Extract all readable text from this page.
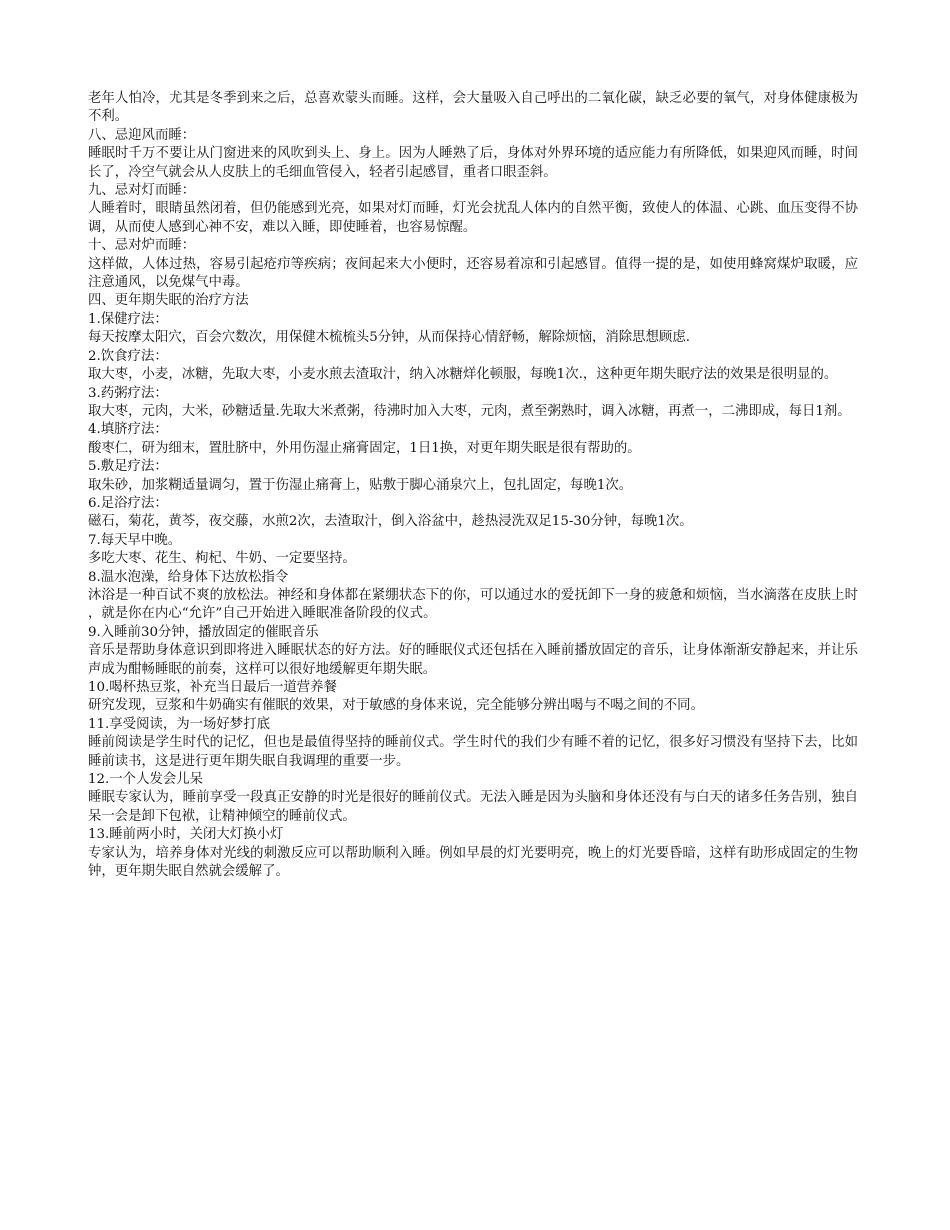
老年人怕冷，尤其是冬季到来之后，总喜欢蒙头而睡。这样，会大量吸入自己呼出的二氧化碳，缺乏必要的氧气，对身体健康极为不利。

八、忌迎风而睡：

睡眠时千万不要让从门窗进来的风吹到头上、身上。因为人睡熟了后，身体对外界环境的适应能力有所降低，如果迎风而睡，时间长了，冷空气就会从人皮肤上的毛细血管侵入，轻者引起感冒，重者口眼歪斜。

九、忌对灯而睡：

人睡着时，眼睛虽然闭着，但仍能感到光亮，如果对灯而睡，灯光会扰乱人体内的自然平衡，致使人的体温、心跳、血压变得不协调，从而使人感到心神不安，难以入睡，即使睡着，也容易惊醒。

十、忌对炉而睡：

这样做，人体过热，容易引起疮疖等疾病；夜间起来大小便时，还容易着凉和引起感冒。值得一提的是，如使用蜂窝煤炉取暖，应注意通风，以免煤气中毒。

四、更年期失眠的治疗方法

1.保健疗法：

每天按摩太阳穴，百会穴数次，用保健木梳梳头5分钟，从而保持心情舒畅，解除烦恼，消除思想顾虑.

2.饮食疗法：

取大枣，小麦，冰糖，先取大枣，小麦水煎去渣取汁，纳入冰糖烊化顿服，每晚1次.，这种更年期失眠疗法的效果是很明显的。

3.药粥疗法：

取大枣，元肉，大米，砂糖适量.先取大米煮粥，待沸时加入大枣，元肉，煮至粥熟时，调入冰糖，再煮一，二沸即成，每日1剂。

4.填脐疗法：

酸枣仁，研为细末，置肚脐中，外用伤湿止痛膏固定，1日1换，对更年期失眠是很有帮助的。

5.敷足疗法：

取朱砂，加浆糊适量调匀，置于伤湿止痛膏上，贴敷于脚心涌泉穴上，包扎固定，每晚1次。

6.足浴疗法：

磁石，菊花，黄芩，夜交藤，水煎2次，去渣取汁，倒入浴盆中，趁热浸洗双足15-30分钟，每晚1次。

7.每天早中晚。

多吃大枣、花生、枸杞、牛奶、一定要坚持。

8.温水泡澡，给身体下达放松指令

沐浴是一种百试不爽的放松法。神经和身体都在紧绷状态下的你，可以通过水的爱抚卸下一身的疲惫和烦恼，当水滴落在皮肤上时，就是你在内心“允许”自己开始进入睡眠准备阶段的仪式。

9.入睡前30分钟，播放固定的催眠音乐

音乐是帮助身体意识到即将进入睡眠状态的好方法。好的睡眠仪式还包括在入睡前播放固定的音乐，让身体渐渐安静起来，并让乐声成为酣畅睡眠的前奏，这样可以很好地缓解更年期失眠。

10.喝杯热豆浆，补充当日最后一道营养餐

研究发现，豆浆和牛奶确实有催眠的效果，对于敏感的身体来说，完全能够分辨出喝与不喝之间的不同。

11.享受阅读，为一场好梦打底

睡前阅读是学生时代的记忆，但也是最值得坚持的睡前仪式。学生时代的我们少有睡不着的记忆，很多好习惯没有坚持下去，比如睡前读书，这是进行更年期失眠自我调理的重要一步。

12.一个人发会儿呆

睡眠专家认为，睡前享受一段真正安静的时光是很好的睡前仪式。无法入睡是因为头脑和身体还没有与白天的诸多任务告别，独自呆一会是卸下包袱，让精神倾空的睡前仪式。

13.睡前两小时，关闭大灯换小灯

专家认为，培养身体对光线的刺激反应可以帮助顺利入睡。例如早晨的灯光要明亮，晚上的灯光要昏暗，这样有助形成固定的生物钟，更年期失眠自然就会缓解了。
